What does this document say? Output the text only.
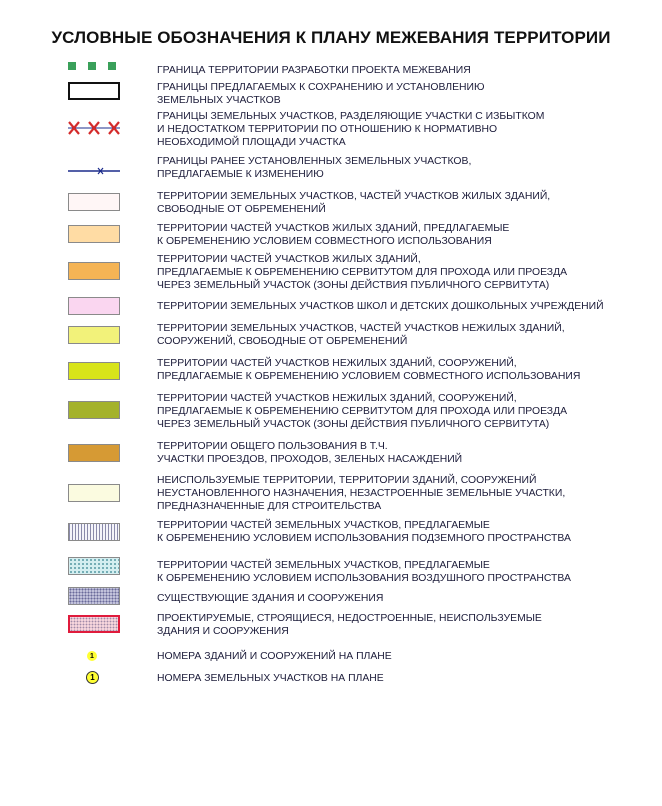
УСЛОВНЫЕ ОБОЗНАЧЕНИЯ К ПЛАНУ МЕЖЕВАНИЯ ТЕРРИТОРИИ
ГРАНИЦА ТЕРРИТОРИИ РАЗРАБОТКИ ПРОЕКТА МЕЖЕВАНИЯ
ГРАНИЦЫ ПРЕДЛАГАЕМЫХ К СОХРАНЕНИЮ И УСТАНОВЛЕНИЮ
ЗЕМЕЛЬНЫХ УЧАСТКОВ
ГРАНИЦЫ ЗЕМЕЛЬНЫХ УЧАСТКОВ, РАЗДЕЛЯЮЩИЕ УЧАСТКИ С ИЗБЫТКОМ
И НЕДОСТАТКОМ ТЕРРИТОРИИ ПО ОТНОШЕНИЮ К НОРМАТИВНО
НЕОБХОДИМОЙ ПЛОЩАДИ УЧАСТКА
ГРАНИЦЫ РАНЕЕ УСТАНОВЛЕННЫХ ЗЕМЕЛЬНЫХ УЧАСТКОВ,
ПРЕДЛАГАЕМЫЕ К ИЗМЕНЕНИЮ
ТЕРРИТОРИИ ЗЕМЕЛЬНЫХ УЧАСТКОВ, ЧАСТЕЙ УЧАСТКОВ ЖИЛЫХ ЗДАНИЙ,
СВОБОДНЫЕ ОТ ОБРЕМЕНЕНИЙ
ТЕРРИТОРИИ ЧАСТЕЙ УЧАСТКОВ ЖИЛЫХ ЗДАНИЙ, ПРЕДЛАГАЕМЫЕ
К ОБРЕМЕНЕНИЮ УСЛОВИЕМ СОВМЕСТНОГО ИСПОЛЬЗОВАНИЯ
ТЕРРИТОРИИ ЧАСТЕЙ УЧАСТКОВ ЖИЛЫХ ЗДАНИЙ,
ПРЕДЛАГАЕМЫЕ К ОБРЕМЕНЕНИЮ СЕРВИТУТОМ ДЛЯ ПРОХОДА ИЛИ ПРОЕЗДА
ЧЕРЕЗ ЗЕМЕЛЬНЫЙ УЧАСТОК (ЗОНЫ ДЕЙСТВИЯ ПУБЛИЧНОГО СЕРВИТУТА)
ТЕРРИТОРИИ ЗЕМЕЛЬНЫХ УЧАСТКОВ ШКОЛ И ДЕТСКИХ ДОШКОЛЬНЫХ УЧРЕЖДЕНИЙ
ТЕРРИТОРИИ ЗЕМЕЛЬНЫХ УЧАСТКОВ, ЧАСТЕЙ УЧАСТКОВ НЕЖИЛЫХ ЗДАНИЙ,
СООРУЖЕНИЙ, СВОБОДНЫЕ ОТ ОБРЕМЕНЕНИЙ
ТЕРРИТОРИИ ЧАСТЕЙ УЧАСТКОВ НЕЖИЛЫХ ЗДАНИЙ, СООРУЖЕНИЙ,
ПРЕДЛАГАЕМЫЕ К ОБРЕМЕНЕНИЮ УСЛОВИЕМ СОВМЕСТНОГО ИСПОЛЬЗОВАНИЯ
ТЕРРИТОРИИ ЧАСТЕЙ УЧАСТКОВ НЕЖИЛЫХ ЗДАНИЙ, СООРУЖЕНИЙ,
ПРЕДЛАГАЕМЫЕ К ОБРЕМЕНЕНИЮ СЕРВИТУТОМ ДЛЯ ПРОХОДА ИЛИ ПРОЕЗДА
ЧЕРЕЗ ЗЕМЕЛЬНЫЙ УЧАСТОК (ЗОНЫ ДЕЙСТВИЯ ПУБЛИЧНОГО СЕРВИТУТА)
ТЕРРИТОРИИ ОБЩЕГО ПОЛЬЗОВАНИЯ В Т.Ч.
УЧАСТКИ ПРОЕЗДОВ, ПРОХОДОВ, ЗЕЛЕНЫХ НАСАЖДЕНИЙ
НЕИСПОЛЬЗУЕМЫЕ ТЕРРИТОРИИ, ТЕРРИТОРИИ ЗДАНИЙ, СООРУЖЕНИЙ
НЕУСТАНОВЛЕННОГО НАЗНАЧЕНИЯ, НЕЗАСТРОЕННЫЕ ЗЕМЕЛЬНЫЕ УЧАСТКИ,
ПРЕДНАЗНАЧЕННЫЕ ДЛЯ СТРОИТЕЛЬСТВА
ТЕРРИТОРИИ ЧАСТЕЙ ЗЕМЕЛЬНЫХ УЧАСТКОВ, ПРЕДЛАГАЕМЫЕ
К ОБРЕМЕНЕНИЮ УСЛОВИЕМ ИСПОЛЬЗОВАНИЯ ПОДЗЕМНОГО ПРОСТРАНСТВА
ТЕРРИТОРИИ ЧАСТЕЙ ЗЕМЕЛЬНЫХ УЧАСТКОВ, ПРЕДЛАГАЕМЫЕ
К ОБРЕМЕНЕНИЮ УСЛОВИЕМ ИСПОЛЬЗОВАНИЯ ВОЗДУШНОГО ПРОСТРАНСТВА
СУЩЕСТВУЮЩИЕ ЗДАНИЯ И СООРУЖЕНИЯ
ПРОЕКТИРУЕМЫЕ, СТРОЯЩИЕСЯ, НЕДОСТРОЕННЫЕ, НЕИСПОЛЬЗУЕМЫЕ
ЗДАНИЯ И СООРУЖЕНИЯ
1	НОМЕРА ЗДАНИЙ И СООРУЖЕНИЙ НА ПЛАНЕ
1	НОМЕРА ЗЕМЕЛЬНЫХ УЧАСТКОВ НА ПЛАНЕ
